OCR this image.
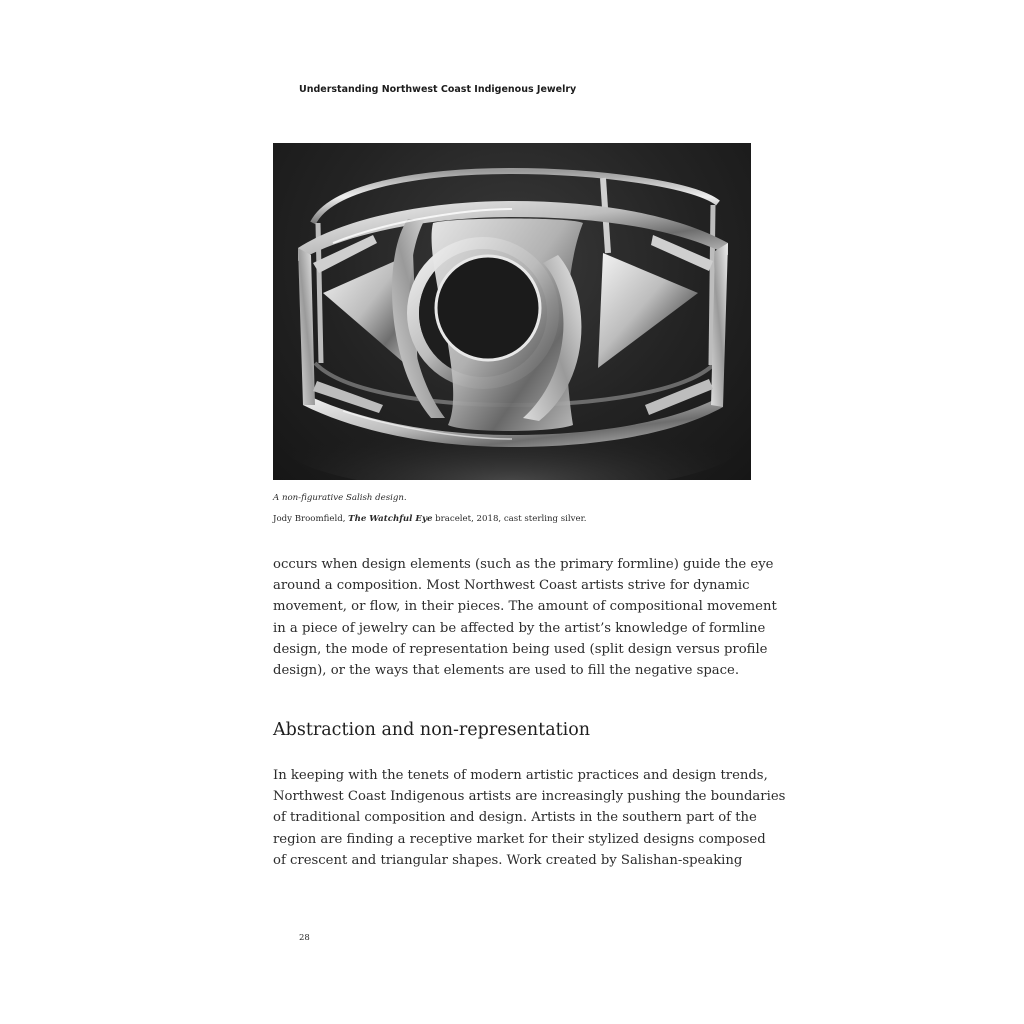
Understanding Northwest Coast Indigenous Jewelry
A non-figurative Salish design.
Jody Broomfield, The Watchful Eye bracelet, 2018, cast sterling silver.
occurs when design elements (such as the primary formline) guide the eye
around a composition. Most Northwest Coast artists strive for dynamic
movement, or flow, in their pieces. The amount of compositional movement
in a piece of jewelry can be affected by the artist’s knowledge of formline
design, the mode of representation being used (split design versus profile
design), or the ways that elements are used to fill the negative space.
Abstraction and non-representation
In keeping with the tenets of modern artistic practices and design trends,
Northwest Coast Indigenous artists are increasingly pushing the boundaries
of traditional composition and design. Artists in the southern part of the
region are finding a receptive market for their stylized designs composed
of crescent and triangular shapes. Work created by Salishan-speaking
28
